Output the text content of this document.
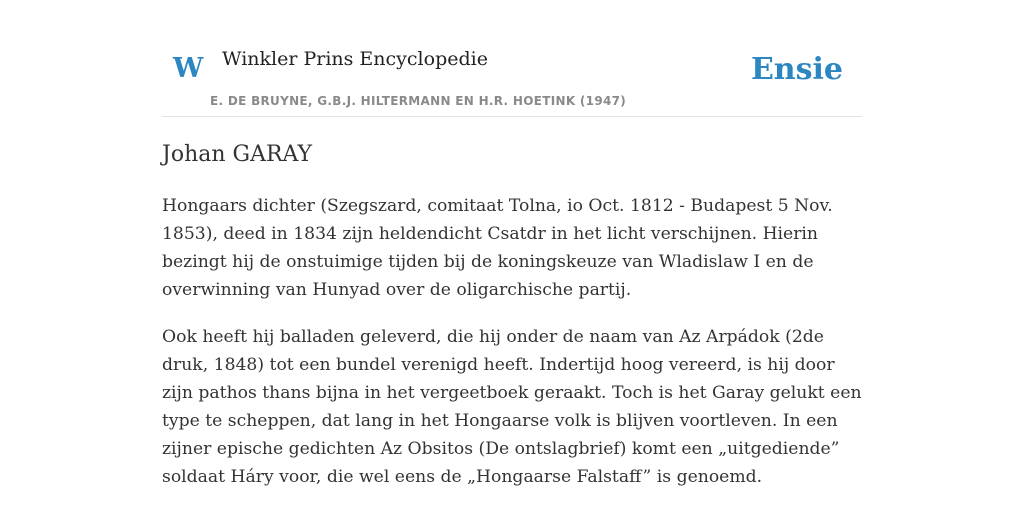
W Winkler Prins Encyclopedie	Ensie
E. DE BRUYNE, G.B.J. HILTERMANN EN H.R. HOETINK (1947)
Johan GARAY

Hongaars dichter (Szegszard, comitaat Tolna, io Oct. 1812 - Budapest 5 Nov. 1853), deed in 1834 zijn heldendicht Csatdr in het licht verschijnen. Hierin bezingt hij de onstuimige tijden bij de koningskeuze van Wladislaw I en de overwinning van Hunyad over de oligarchische partij.

Ook heeft hij balladen geleverd, die hij onder de naam van Az Arpádok (2de druk, 1848) tot een bundel verenigd heeft. Indertijd hoog vereerd, is hij door zijn pathos thans bijna in het vergeetboek geraakt. Toch is het Garay gelukt een type te scheppen, dat lang in het Hongaarse volk is blijven voortleven. In een zijner epische gedichten Az Obsitos (De ontslagbrief) komt een „uitgediende” soldaat Háry voor, die wel eens de „Hongaarse Falstaff” is genoemd.
